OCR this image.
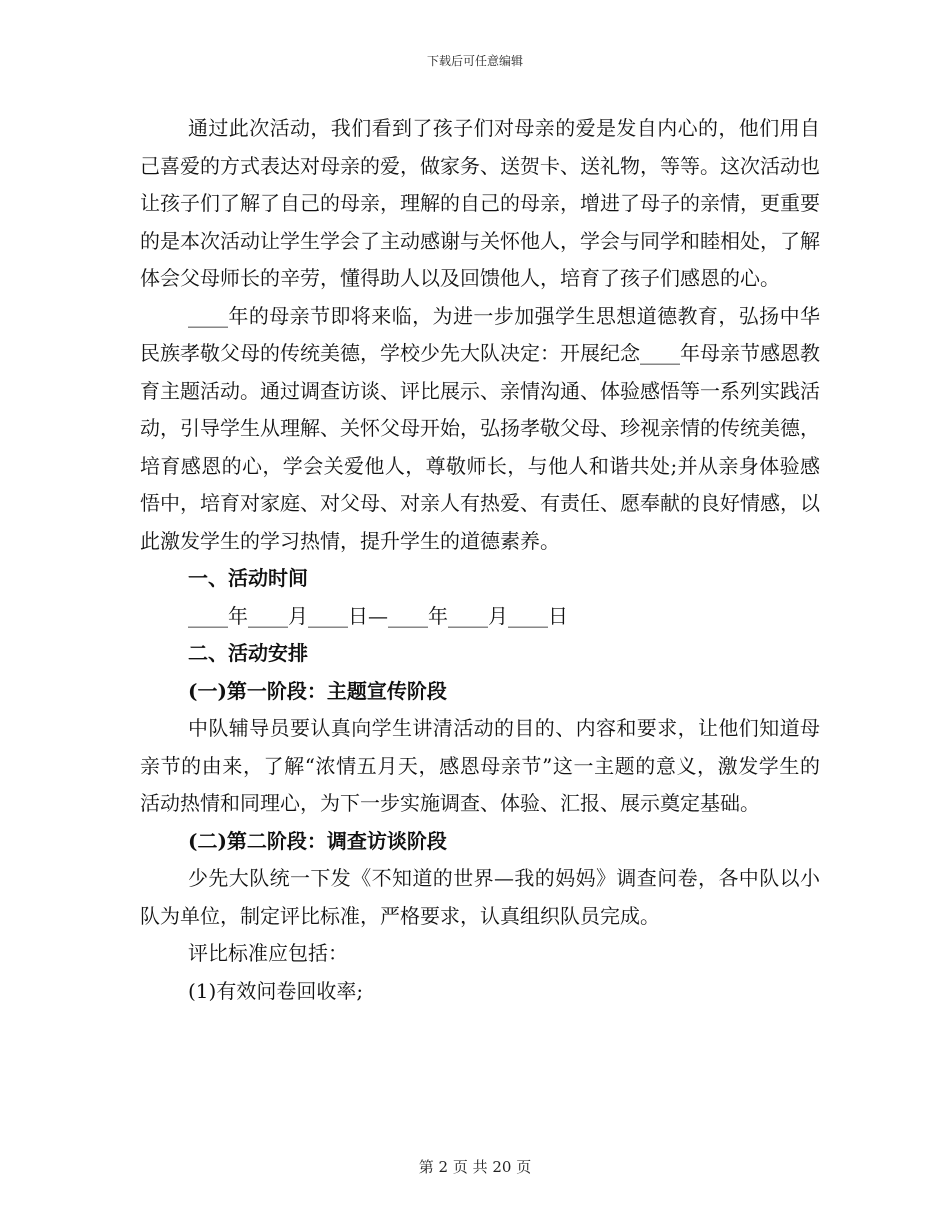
下载后可任意编辑

通过此次活动，我们看到了孩子们对母亲的爱是发自内心的，他们用自己喜爱的方式表达对母亲的爱，做家务、送贺卡、送礼物，等等。这次活动也让孩子们了解了自己的母亲，理解的自己的母亲，增进了母子的亲情，更重要的是本次活动让学生学会了主动感谢与关怀他人，学会与同学和睦相处，了解体会父母师长的辛劳，懂得助人以及回馈他人，培育了孩子们感恩的心。

____年的母亲节即将来临，为进一步加强学生思想道德教育，弘扬中华民族孝敬父母的传统美德，学校少先大队决定：开展纪念____年母亲节感恩教育主题活动。通过调查访谈、评比展示、亲情沟通、体验感悟等一系列实践活动，引导学生从理解、关怀父母开始，弘扬孝敬父母、珍视亲情的传统美德，培育感恩的心，学会关爱他人，尊敬师长，与他人和谐共处;并从亲身体验感悟中，培育对家庭、对父母、对亲人有热爱、有责任、愿奉献的良好情感，以此激发学生的学习热情，提升学生的道德素养。

一、活动时间

____年____月____日—____年____月____日

二、活动安排

(一)第一阶段：主题宣传阶段

中队辅导员要认真向学生讲清活动的目的、内容和要求，让他们知道母亲节的由来，了解“浓情五月天，感恩母亲节”这一主题的意义，激发学生的活动热情和同理心，为下一步实施调查、体验、汇报、展示奠定基础。

(二)第二阶段：调查访谈阶段

少先大队统一下发《不知道的世界—我的妈妈》调查问卷，各中队以小队为单位，制定评比标准，严格要求，认真组织队员完成。

评比标准应包括：

(1)有效问卷回收率;

第 2 页 共 20 页
